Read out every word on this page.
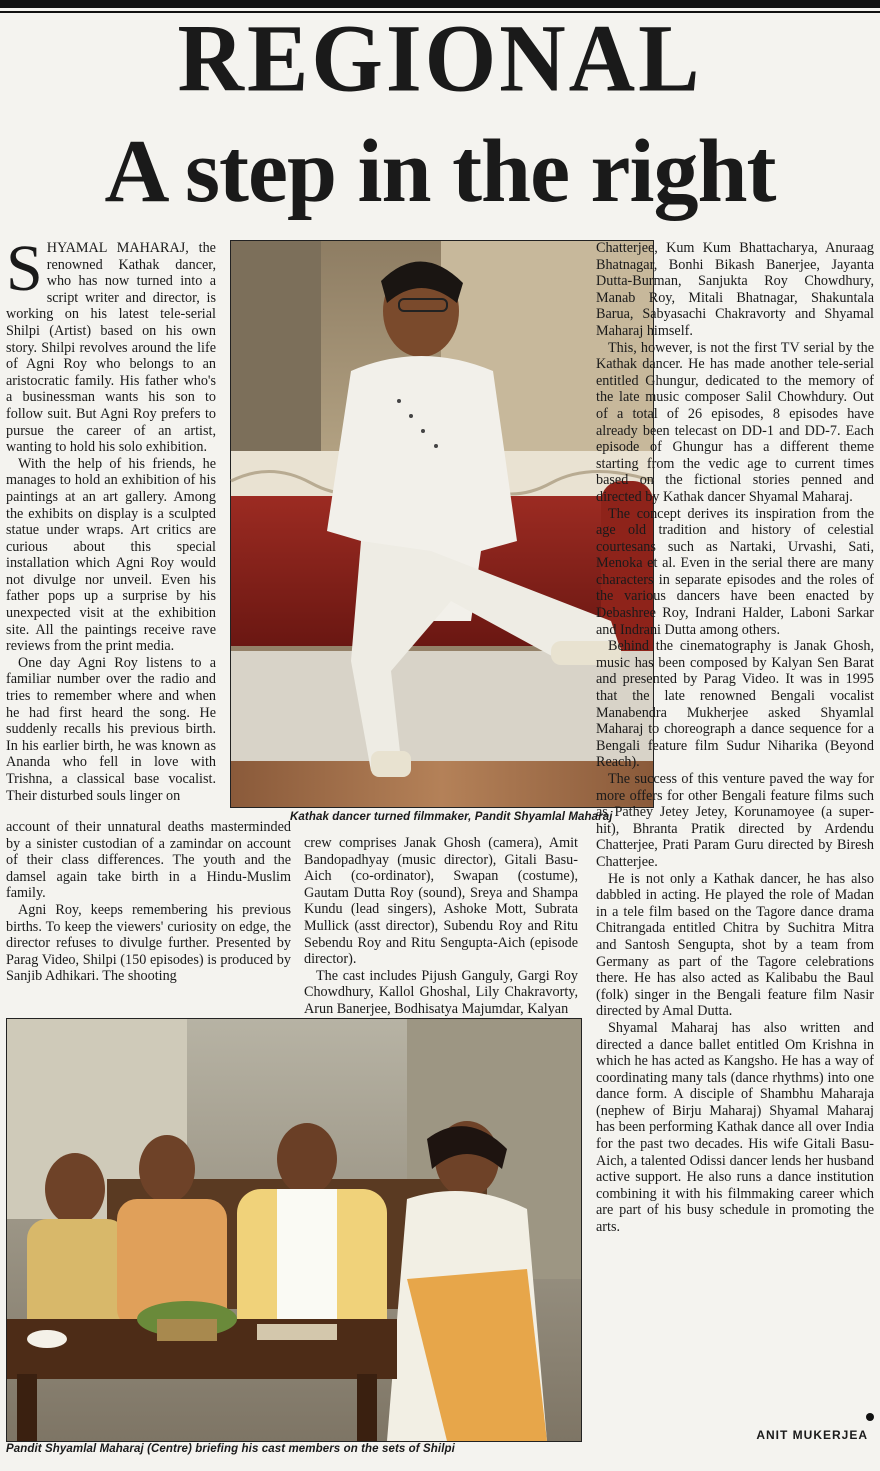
REGIONAL
A step in the right

SHYAMAL MAHARAJ, the renowned Kathak dancer, who has now turned into a script writer and director, is working on his latest tele-serial Shilpi (Artist) based on his own story. Shilpi revolves around the life of Agni Roy who belongs to an aristocratic family. His father who's a businessman wants his son to follow suit. But Agni Roy prefers to pursue the career of an artist, wanting to hold his solo exhibition.

With the help of his friends, he manages to hold an exhibition of his paintings at an art gallery. Among the exhibits on display is a sculpted statue under wraps. Art critics are curious about this special installation which Agni Roy would not divulge nor unveil. Even his father pops up a surprise by his unexpected visit at the exhibition site. All the paintings receive rave reviews from the print media.

One day Agni Roy listens to a familiar number over the radio and tries to remember where and when he had first heard the song. He suddenly recalls his previous birth. In his earlier birth, he was known as Ananda who fell in love with Trishna, a classical base vocalist. Their disturbed souls linger on

Kathak dancer turned filmmaker, Pandit Shyamlal Maharaj

account of their unnatural deaths masterminded by a sinister custodian of a zamindar on account of their class differences. The youth and the damsel again take birth in a Hindu-Muslim family.

Agni Roy, keeps remembering his previous births. To keep the viewers' curiosity on edge, the director refuses to divulge further. Presented by Parag Video, Shilpi (150 episodes) is produced by Sanjib Adhikari. The shooting

crew comprises Janak Ghosh (camera), Amit Bandopadhyay (music director), Gitali Basu-Aich (co-ordinator), Swapan (costume), Gautam Dutta Roy (sound), Sreya and Shampa Kundu (lead singers), Ashoke Mott, Subrata Mullick (asst director), Subendu Roy and Ritu Sebendu Roy and Ritu Sengupta-Aich (episode director).

The cast includes Pijush Ganguly, Gargi Roy Chowdhury, Kallol Ghoshal, Lily Chakravorty, Arun Banerjee, Bodhisatya Majumdar, Kalyan

Chatterjee, Kum Kum Bhattacharya, Anuraag Bhatnagar, Bonhi Bikash Banerjee, Jayanta Dutta-Burman, Sanjukta Roy Chowdhury, Manab Roy, Mitali Bhatnagar, Shakuntala Barua, Sabyasachi Chakravorty and Shyamal Maharaj himself.

This, however, is not the first TV serial by the Kathak dancer. He has made another tele-serial entitled Ghungur, dedicated to the memory of the late music composer Salil Chowhdury. Out of a total of 26 episodes, 8 episodes have already been telecast on DD-1 and DD-7. Each episode of Ghungur has a different theme starting from the vedic age to current times based on the fictional stories penned and directed by Kathak dancer Shyamal Maharaj.

The concept derives its inspiration from the age old tradition and history of celestial courtesans such as Nartaki, Urvashi, Sati, Menoka et al. Even in the serial there are many characters in separate episodes and the roles of the various dancers have been enacted by Debashree Roy, Indrani Halder, Laboni Sarkar and Indrani Dutta among others.

Behind the cinematography is Janak Ghosh, music has been composed by Kalyan Sen Barat and presented by Parag Video. It was in 1995 that the late renowned Bengali vocalist Manabendra Mukherjee asked Shyamlal Maharaj to choreograph a dance sequence for a Bengali feature film Sudur Niharika (Beyond Reach).

The success of this venture paved the way for more offers for other Bengali feature films such as Pathey Jetey Jetey, Korunamoyee (a super-hit), Bhranta Pratik directed by Ardendu Chatterjee, Prati Param Guru directed by Biresh Chatterjee.

He is not only a Kathak dancer, he has also dabbled in acting. He played the role of Madan in a tele film based on the Tagore dance drama Chitrangada entitled Chitra by Suchitra Mitra and Santosh Sengupta, shot by a team from Germany as part of the Tagore celebrations there. He has also acted as Kalibabu the Baul (folk) singer in the Bengali feature film Nasir directed by Amal Dutta.

Shyamal Maharaj has also written and directed a dance ballet entitled Om Krishna in which he has acted as Kangsho. He has a way of coordinating many tals (dance rhythms) into one dance form. A disciple of Shambhu Maharaja (nephew of Birju Maharaj) Shyamal Maharaj has been performing Kathak dance all over India for the past two decades. His wife Gitali Basu-Aich, a talented Odissi dancer lends her husband active support. He also runs a dance institution combining it with his filmmaking career which are part of his busy schedule in promoting the arts.

Pandit Shyamlal Maharaj (Centre) briefing his cast members on the sets of Shilpi
ANIT MUKERJEA
